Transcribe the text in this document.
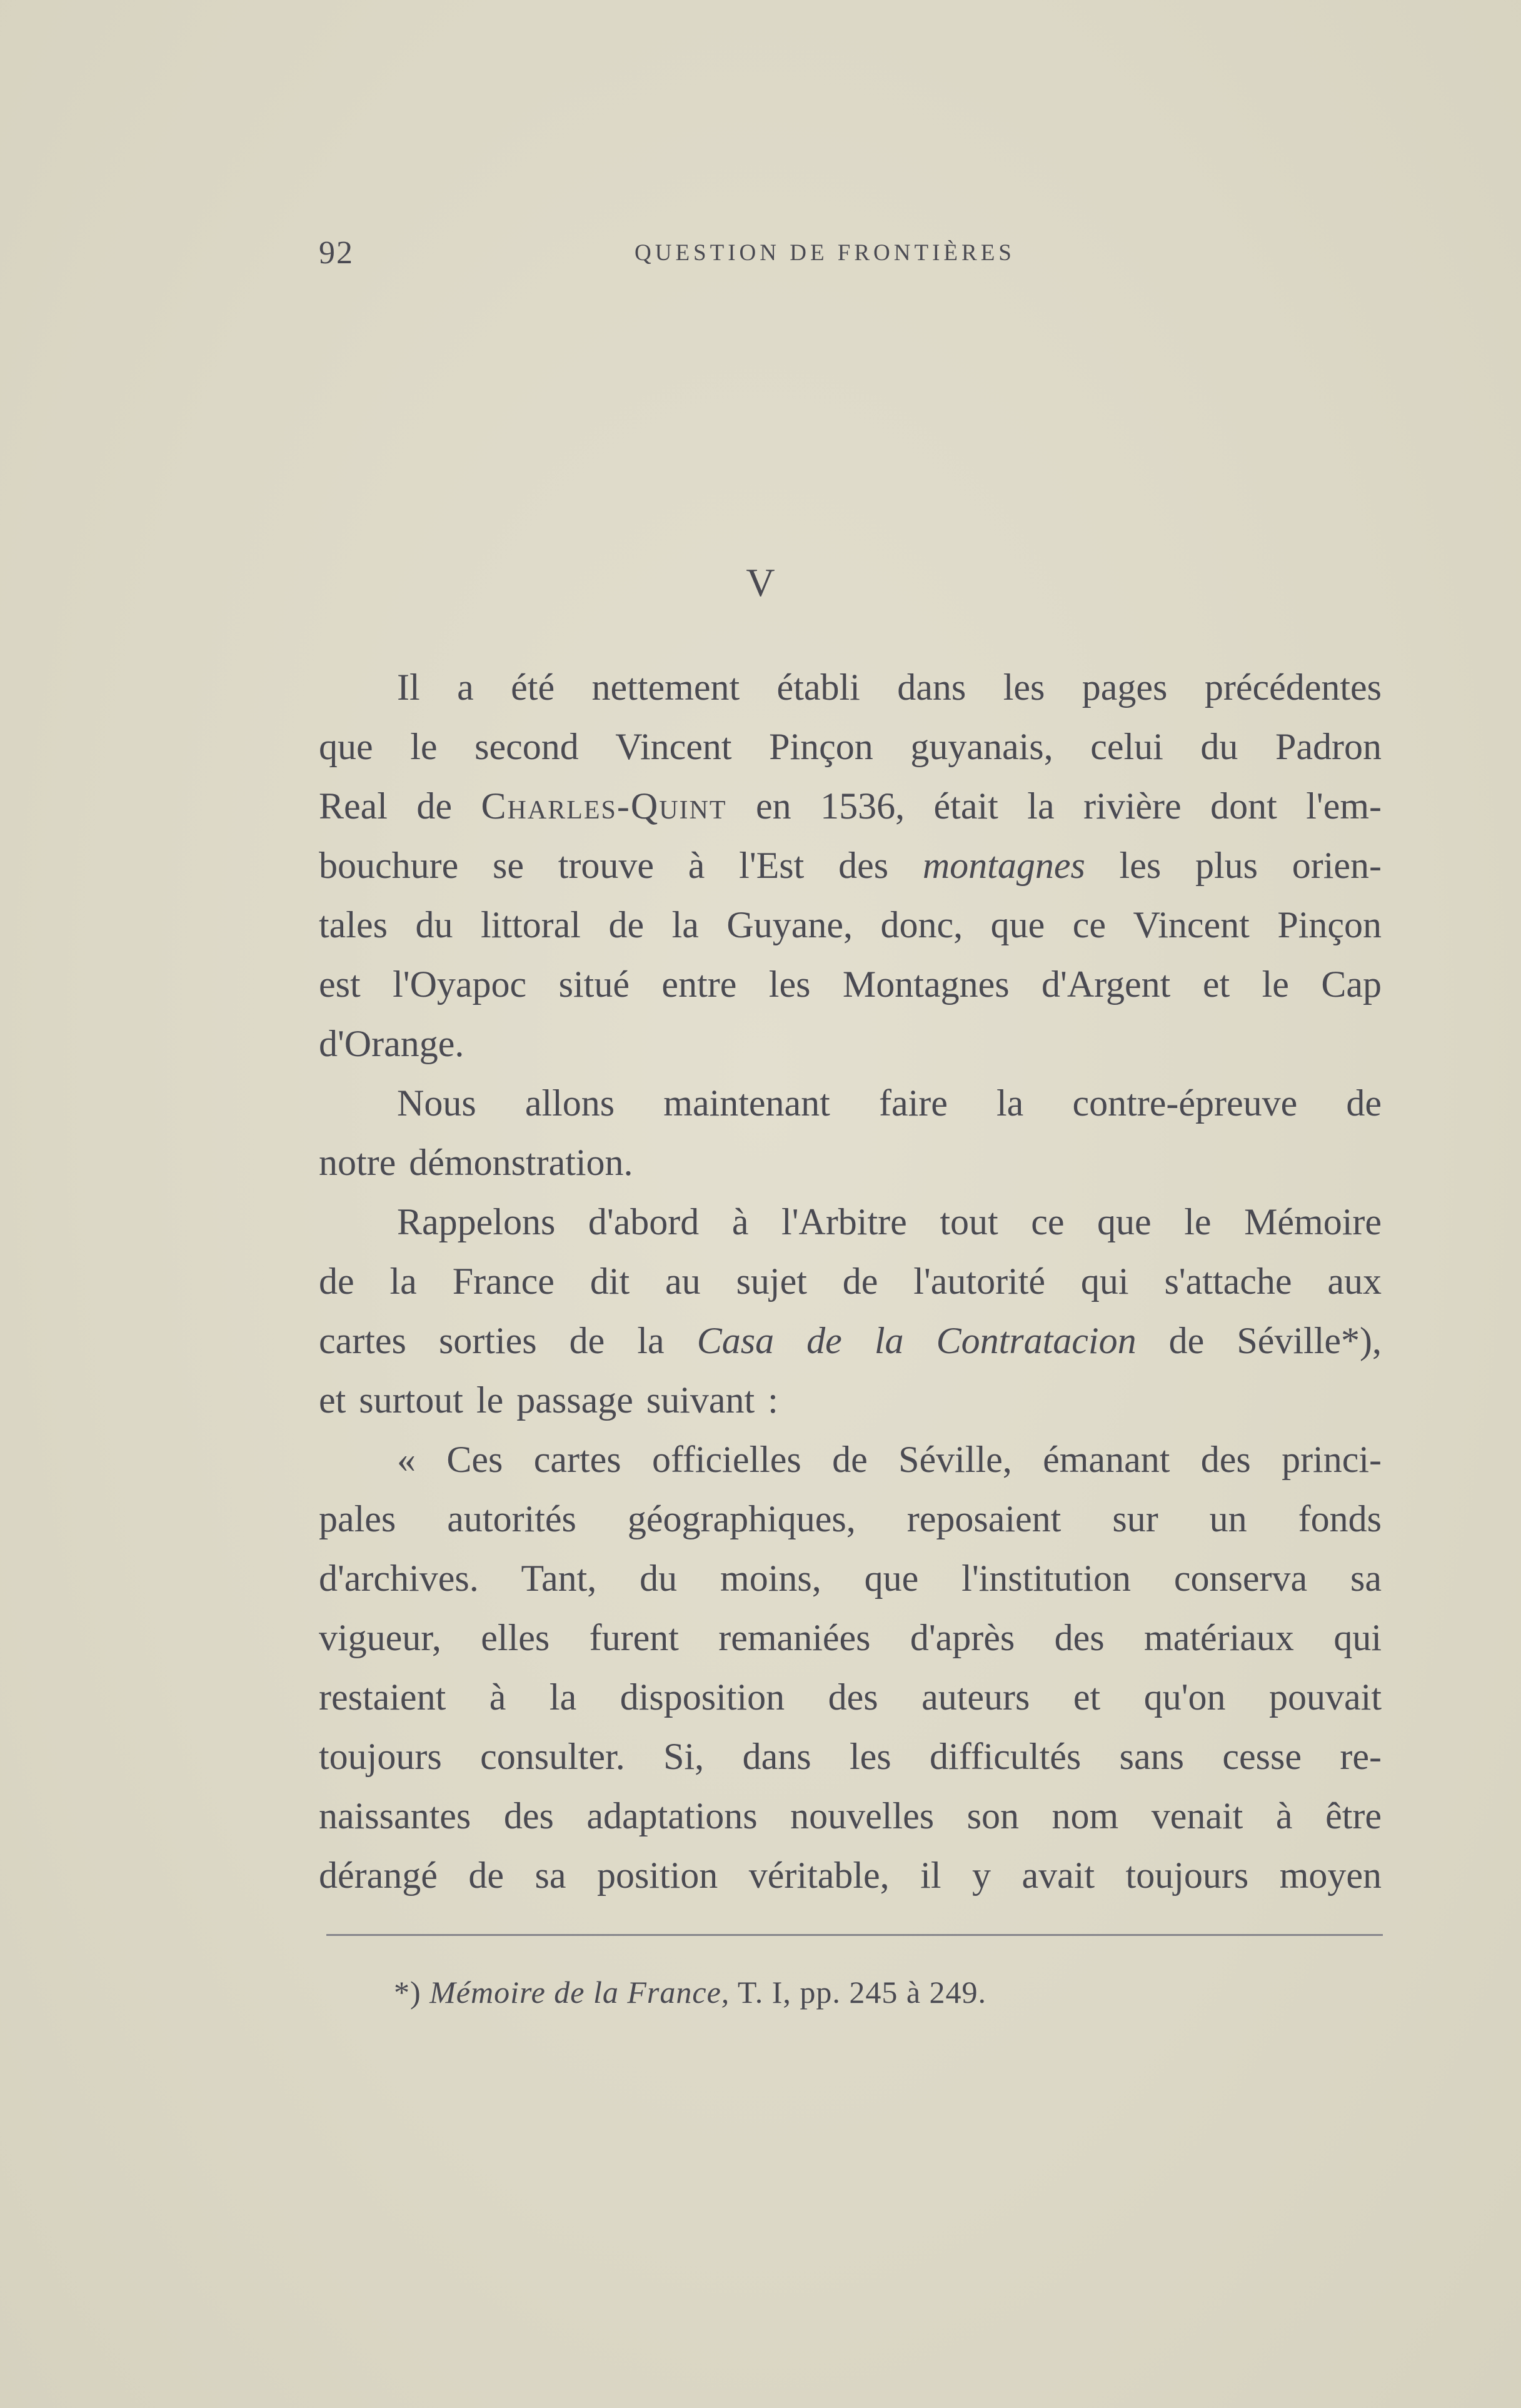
92	QUESTION DE FRONTIÈRES
V
Il a été nettement établi dans les pages précédentes
que le second Vincent Pinçon guyanais, celui du Padron
Real de Charles-Quint en 1536, était la rivière dont l'em-
bouchure se trouve à l'Est des montagnes les plus orien-
tales du littoral de la Guyane, donc, que ce Vincent Pinçon
est l'Oyapoc situé entre les Montagnes d'Argent et le Cap
d'Orange.
Nous allons maintenant faire la contre-épreuve de
notre démonstration.
Rappelons d'abord à l'Arbitre tout ce que le Mémoire
de la France dit au sujet de l'autorité qui s'attache aux
cartes sorties de la Casa de la Contratacion de Séville*),
et surtout le passage suivant :
« Ces cartes officielles de Séville, émanant des princi-
pales autorités géographiques, reposaient sur un fonds
d'archives. Tant, du moins, que l'institution conserva sa
vigueur, elles furent remaniées d'après des matériaux qui
restaient à la disposition des auteurs et qu'on pouvait
toujours consulter. Si, dans les difficultés sans cesse re-
naissantes des adaptations nouvelles son nom venait à être
dérangé de sa position véritable, il y avait toujours moyen
*) Mémoire de la France, T. I, pp. 245 à 249.
